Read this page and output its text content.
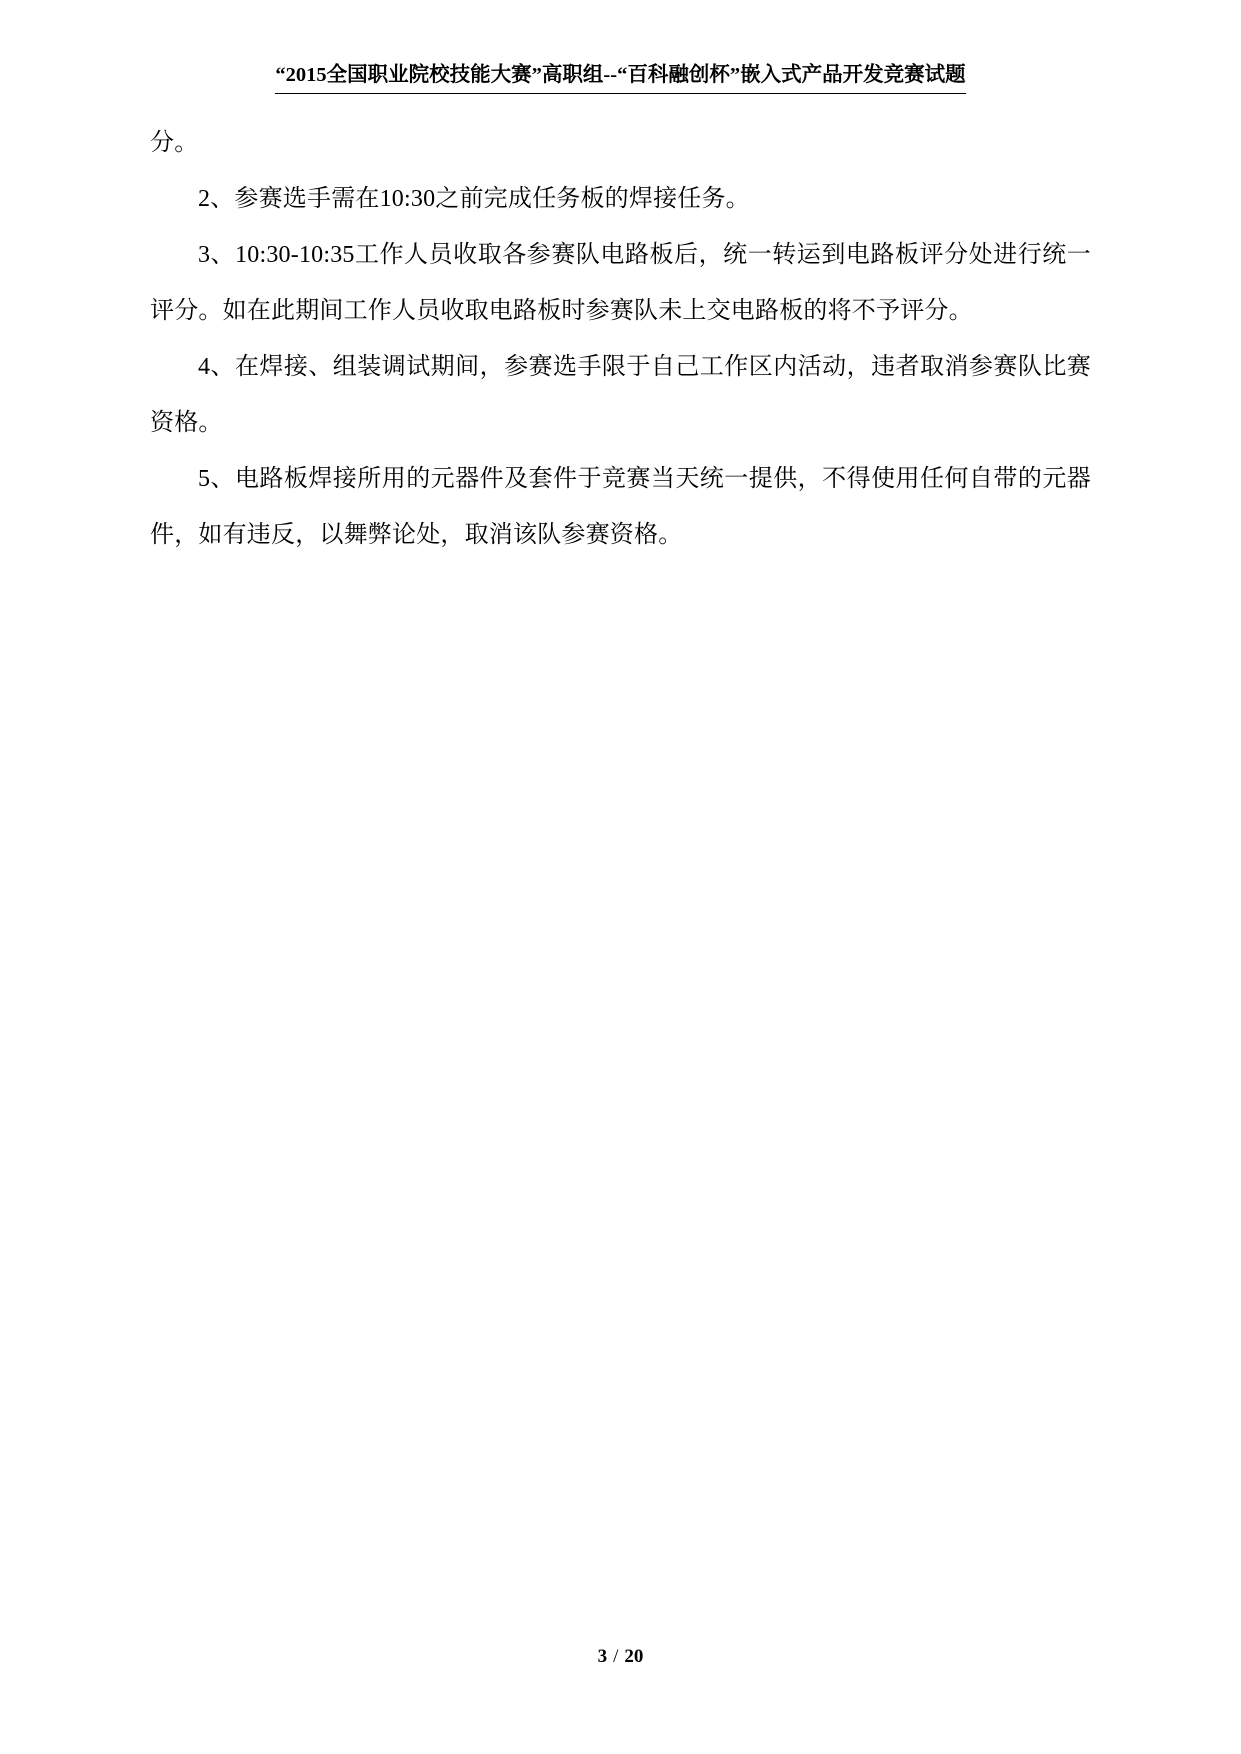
“2015全国职业院校技能大赛”高职组--“百科融创杯”嵌入式产品开发竞赛试题

分。

2、参赛选手需在10:30之前完成任务板的焊接任务。

3、10:30-10:35工作人员收取各参赛队电路板后，统一转运到电路板评分处进行统一评分。如在此期间工作人员收取电路板时参赛队未上交电路板的将不予评分。

4、在焊接、组装调试期间，参赛选手限于自己工作区内活动，违者取消参赛队比赛资格。

5、电路板焊接所用的元器件及套件于竞赛当天统一提供，不得使用任何自带的元器件，如有违反，以舞弊论处，取消该队参赛资格。

3 / 20
